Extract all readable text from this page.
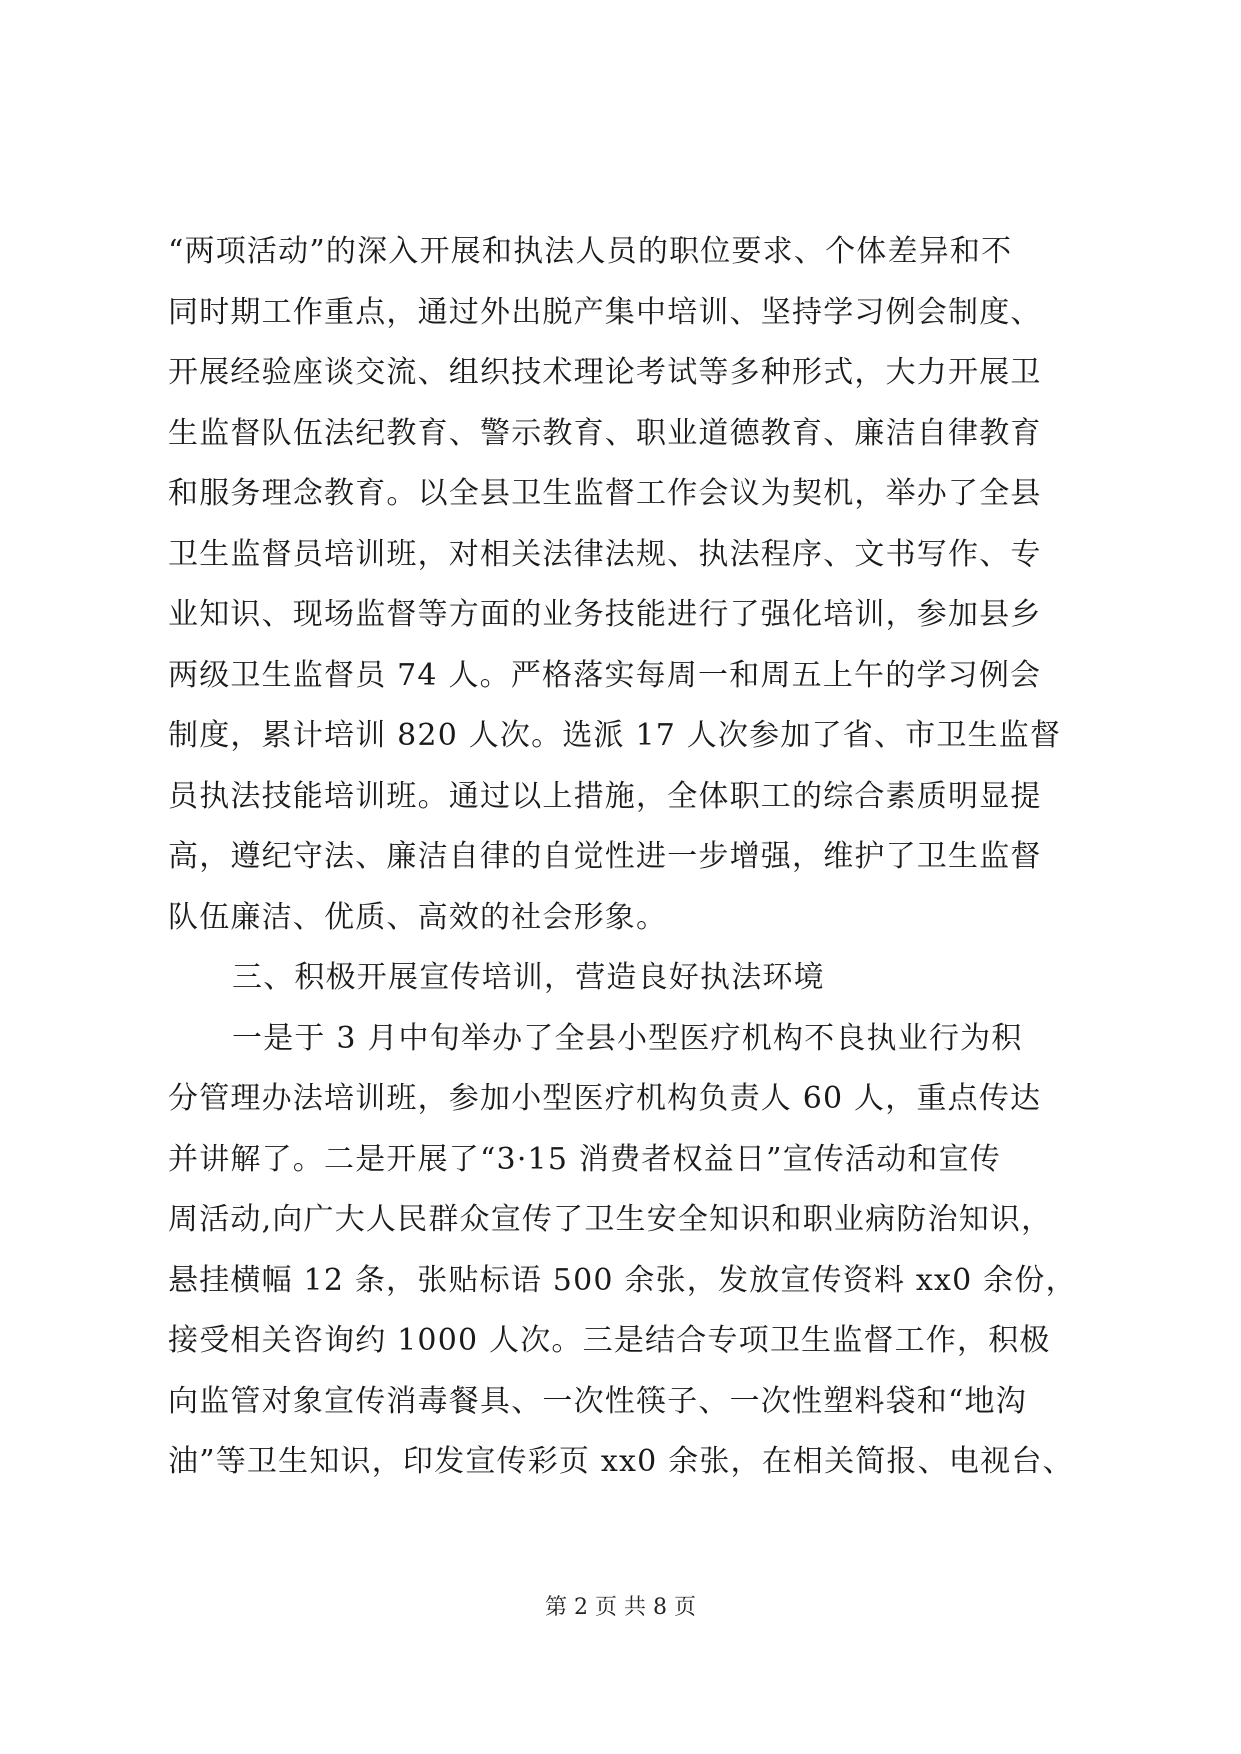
“两项活动”的深入开展和执法人员的职位要求、个体差异和不
同时期工作重点，通过外出脱产集中培训、坚持学习例会制度、
开展经验座谈交流、组织技术理论考试等多种形式，大力开展卫
生监督队伍法纪教育、警示教育、职业道德教育、廉洁自律教育
和服务理念教育。以全县卫生监督工作会议为契机，举办了全县
卫生监督员培训班，对相关法律法规、执法程序、文书写作、专
业知识、现场监督等方面的业务技能进行了强化培训，参加县乡
两级卫生监督员 74 人。严格落实每周一和周五上午的学习例会
制度，累计培训 820 人次。选派 17 人次参加了省、市卫生监督
员执法技能培训班。通过以上措施，全体职工的综合素质明显提
高，遵纪守法、廉洁自律的自觉性进一步增强，维护了卫生监督
队伍廉洁、优质、高效的社会形象。
三、积极开展宣传培训，营造良好执法环境
一是于 3 月中旬举办了全县小型医疗机构不良执业行为积
分管理办法培训班，参加小型医疗机构负责人 60 人，重点传达
并讲解了。二是开展了“3·15 消费者权益日”宣传活动和宣传
周活动,向广大人民群众宣传了卫生安全知识和职业病防治知识，
悬挂横幅 12 条，张贴标语 500 余张，发放宣传资料 xx0 余份，
接受相关咨询约 1000 人次。三是结合专项卫生监督工作，积极
向监管对象宣传消毒餐具、一次性筷子、一次性塑料袋和“地沟
油”等卫生知识，印发宣传彩页 xx0 余张，在相关简报、电视台、
第 2 页 共 8 页
